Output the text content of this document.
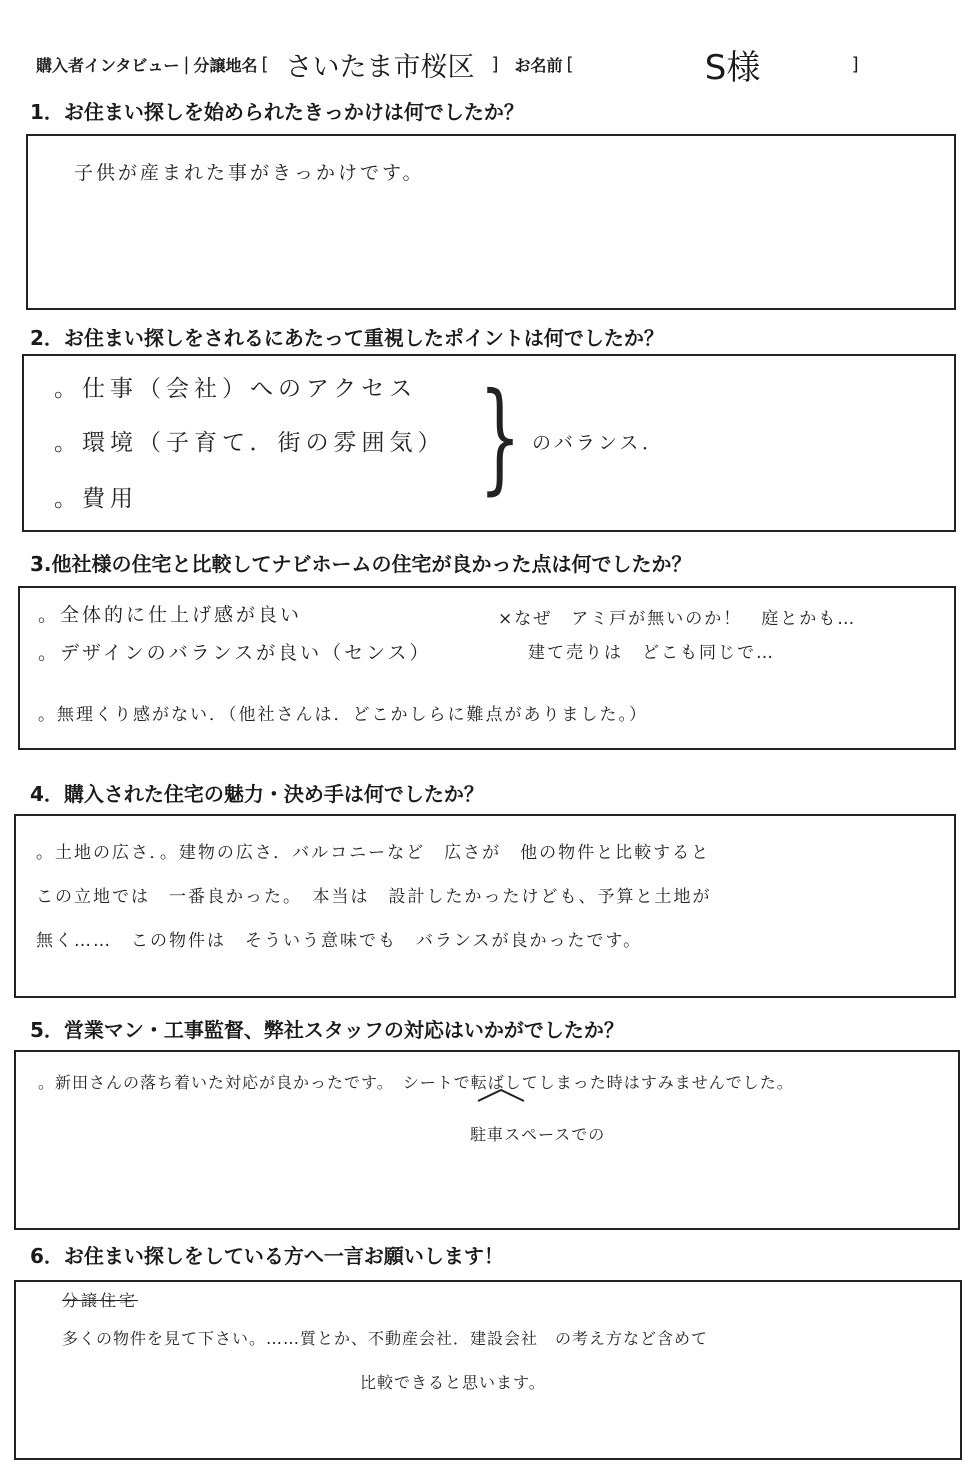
購入者インタビュー | 分譲地名 [ さいたま市桜区 ] お名前 [	S様	]
1．お住まい探しを始められたきっかけは何でしたか？
子供が産まれた事がきっかけです。
2．お住まい探しをされるにあたって重視したポイントは何でしたか？
。仕事（会社）へのアクセス
。環境（子育て．街の雰囲気）
。費用	} のバランス．
3.他社様の住宅と比較してナビホームの住宅が良かった点は何でしたか？
。全体的に仕上げ感が良い
。デザインのバランスが良い（センス）
。無理くり感がない．（他社さんは．どこかしらに難点がありました。）
×なぜ　アミ戸が無いのか！　庭とかも…
建て売りは　どこも同じで…
4．購入された住宅の魅力・決め手は何でしたか？
。土地の広さ．。建物の広さ．バルコニーなど　広さが　他の物件と比較すると
この立地では　一番良かった。　本当は　設計したかったけども、予算と土地が
無く……　この物件は　そういう意味でも　バランスが良かったです。
5．営業マン・工事監督、弊社スタッフの対応はいかがでしたか？
。新田さんの落ち着いた対応が良かったです。　シートで転ばしてしまった時はすみませんでした。
駐車スペースでの
6．お住まい探しをしている方へ一言お願いします！
分譲住宅
多くの物件を見て下さい。……質とか、不動産会社．建設会社　の考え方など含めて
比較できると思います。
